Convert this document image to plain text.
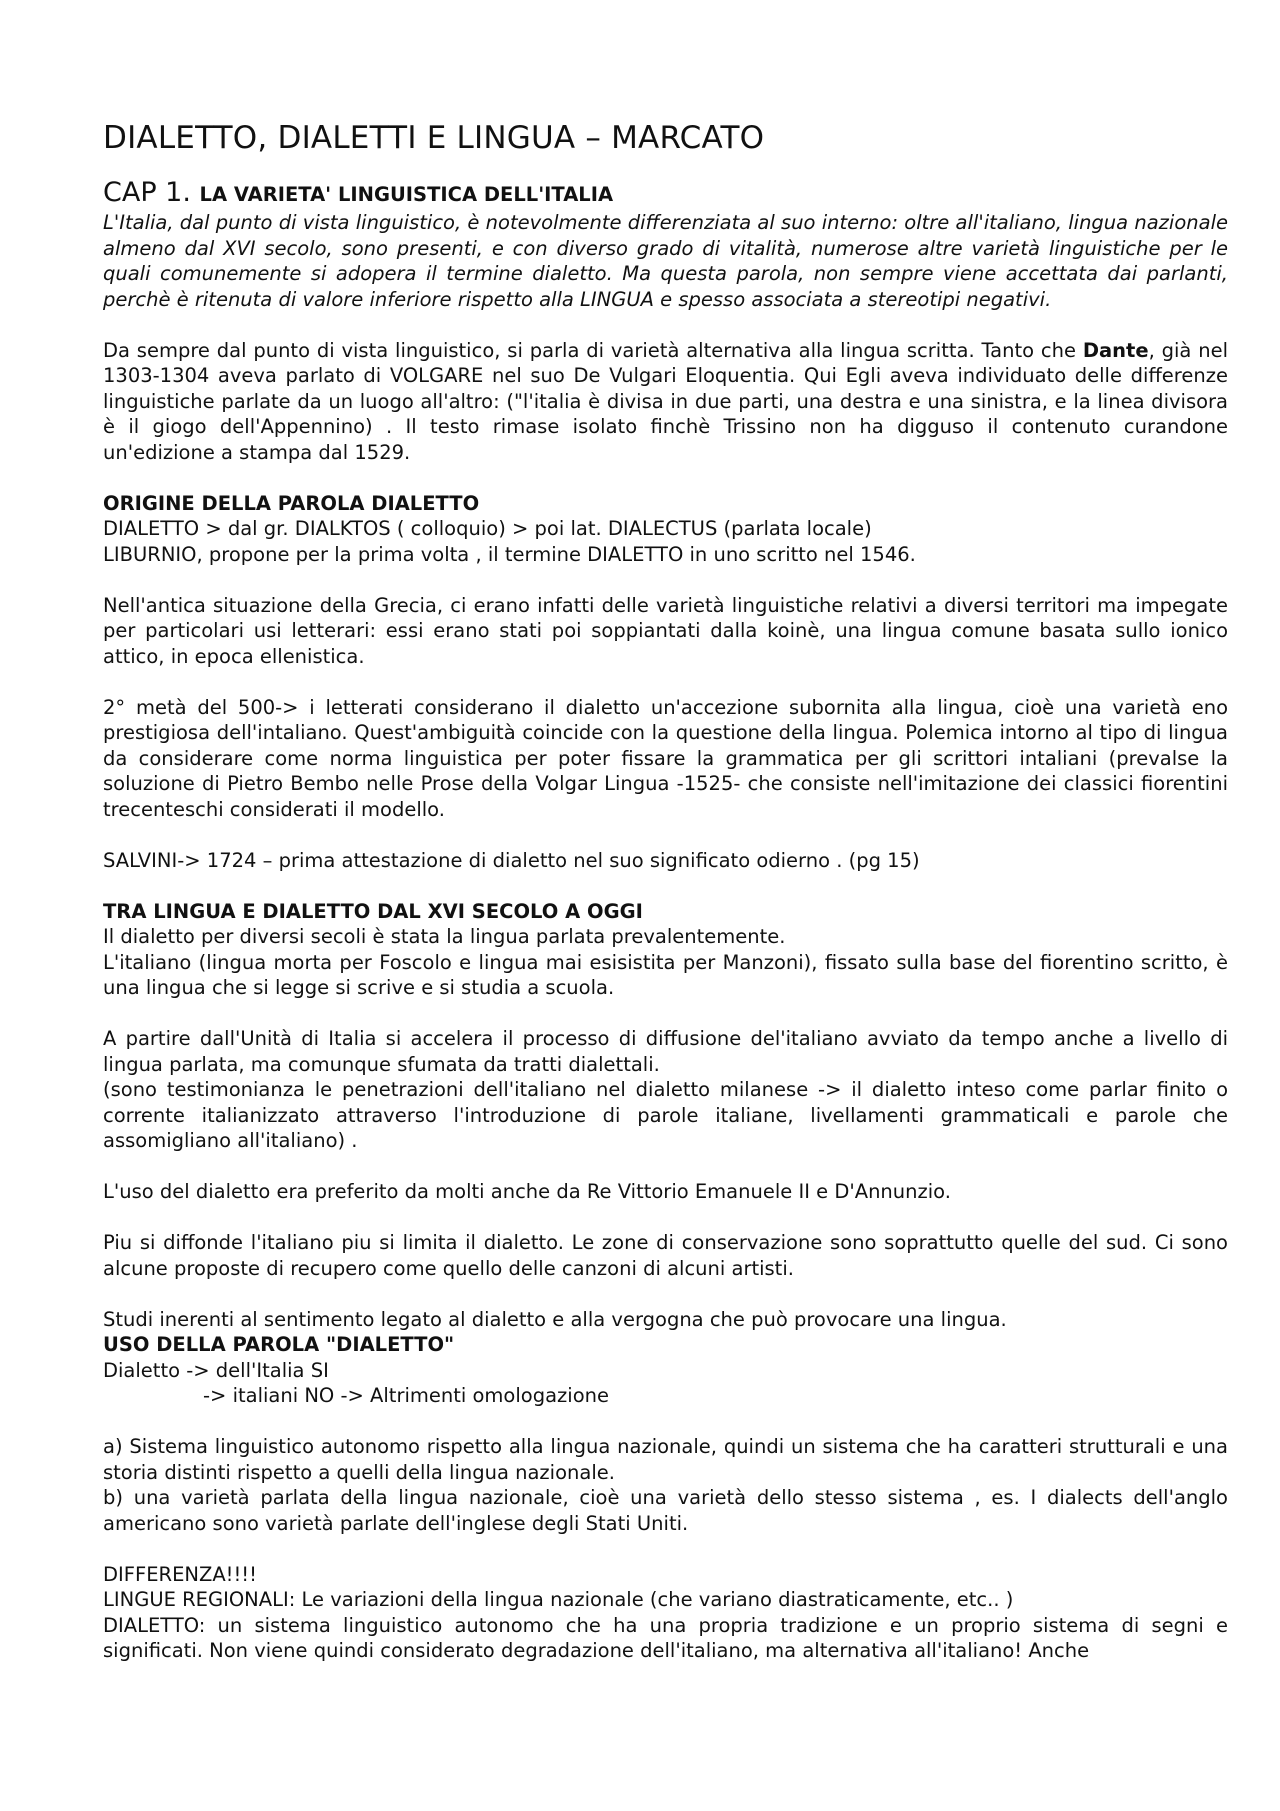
DIALETTO, DIALETTI E LINGUA – MARCATO
CAP 1. LA VARIETA' LINGUISTICA DELL'ITALIA

L'Italia, dal punto di vista linguistico, è notevolmente differenziata al suo interno: oltre all'italiano, lingua nazionale almeno dal XVI secolo, sono presenti, e con diverso grado di vitalità, numerose altre varietà linguistiche per le quali comunemente si adopera il termine dialetto. Ma questa parola, non sempre viene accettata dai parlanti, perchè è ritenuta di valore inferiore rispetto alla LINGUA e spesso associata a stereotipi negativi.

Da sempre dal punto di vista linguistico, si parla di varietà alternativa alla lingua scritta. Tanto che Dante, già nel 1303-1304 aveva parlato di VOLGARE nel suo De Vulgari Eloquentia. Qui Egli aveva individuato delle differenze linguistiche parlate da un luogo all'altro: ("l'italia è divisa in due parti, una destra e una sinistra, e la linea divisora è il giogo dell'Appennino) . Il testo rimase isolato finchè Trissino non ha digguso il contenuto curandone un'edizione a stampa dal 1529.

ORIGINE DELLA PAROLA DIALETTO

DIALETTO > dal gr. DIALKTOS ( colloquio) > poi lat. DIALECTUS (parlata locale)

LIBURNIO, propone per la prima volta , il termine DIALETTO in uno scritto nel 1546.

Nell'antica situazione della Grecia, ci erano infatti delle varietà linguistiche relativi a diversi territori ma impegate per particolari usi letterari: essi erano stati poi soppiantati dalla koinè, una lingua comune basata sullo ionico attico, in epoca ellenistica.

2° metà del 500-> i letterati considerano il dialetto un'accezione subornita alla lingua, cioè una varietà eno prestigiosa dell'intaliano. Quest'ambiguità coincide con la questione della lingua. Polemica intorno al tipo di lingua da considerare come norma linguistica per poter fissare la grammatica per gli scrittori intaliani (prevalse la soluzione di Pietro Bembo nelle Prose della Volgar Lingua -1525- che consiste nell'imitazione dei classici fiorentini trecenteschi considerati il modello.

SALVINI-> 1724 – prima attestazione di dialetto nel suo significato odierno . (pg 15)

TRA LINGUA E DIALETTO DAL XVI SECOLO A OGGI

Il dialetto per diversi secoli è stata la lingua parlata prevalentemente.

L'italiano (lingua morta per Foscolo e lingua mai esisistita per Manzoni), fissato sulla base del fiorentino scritto, è una lingua che si legge si scrive e si studia a scuola.

A partire dall'Unità di Italia si accelera il processo di diffusione del'italiano avviato da tempo anche a livello di lingua parlata, ma comunque sfumata da tratti dialettali.

(sono testimonianza le penetrazioni dell'italiano nel dialetto milanese -> il dialetto inteso come parlar finito o corrente italianizzato attraverso l'introduzione di parole italiane, livellamenti grammaticali e parole che assomigliano all'italiano) .

L'uso del dialetto era preferito da molti anche da Re Vittorio Emanuele II e D'Annunzio.

Piu si diffonde l'italiano piu si limita il dialetto. Le zone di conservazione sono soprattutto quelle del sud. Ci sono alcune proposte di recupero come quello delle canzoni di alcuni artisti.

Studi inerenti al sentimento legato al dialetto e alla vergogna che può provocare una lingua.

USO DELLA PAROLA "DIALETTO"

Dialetto -> dell'Italia SI

-> italiani NO -> Altrimenti omologazione

a) Sistema linguistico autonomo rispetto alla lingua nazionale, quindi un sistema che ha caratteri strutturali e una storia distinti rispetto a quelli della lingua nazionale.

b) una varietà parlata della lingua nazionale, cioè una varietà dello stesso sistema , es. I dialects dell'anglo americano sono varietà parlate dell'inglese degli Stati Uniti.

DIFFERENZA!!!!

LINGUE REGIONALI: Le variazioni della lingua nazionale (che variano diastraticamente, etc.. )

DIALETTO: un sistema linguistico autonomo che ha una propria tradizione e un proprio sistema di segni e significati. Non viene quindi considerato degradazione dell'italiano, ma alternativa all'italiano! Anche
